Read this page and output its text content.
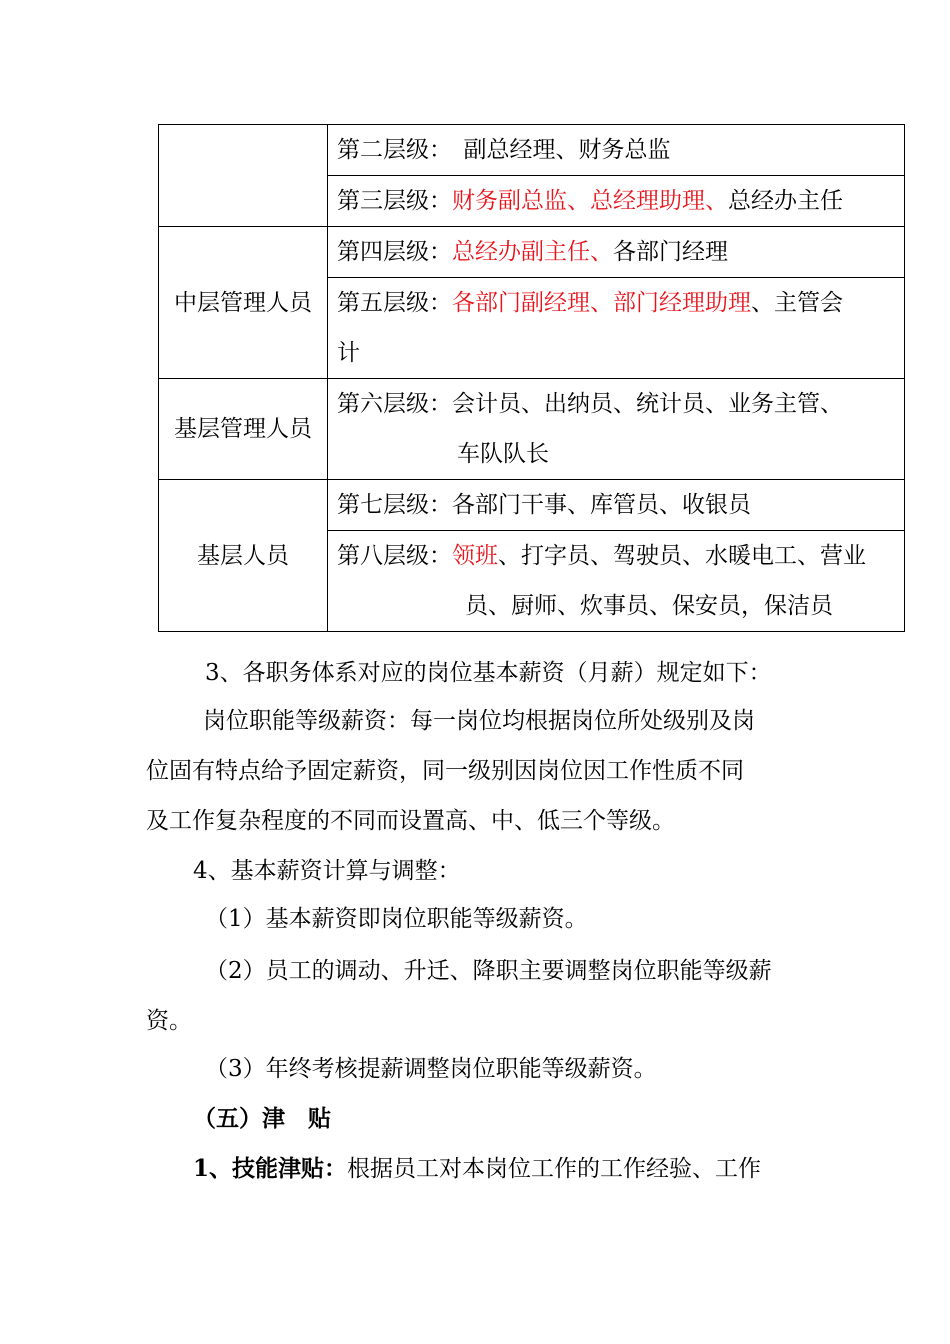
	第二层级：　副总经理、财务总监
	第三层级：财务副总监、总经理助理、总经办主任
中层管理人员	第四层级：总经办副主任、各部门经理
	第五层级：各部门副经理、部门经理助理、主管会
计

基层管理人员	第六层级：会计员、出纳员、统计员、业务主管、
车队队长

基层人员	第七层级：各部门干事、库管员、收银员
	第八层级：领班、打字员、驾驶员、水暖电工、营业
员、厨师、炊事员、保安员，保洁员
3、各职务体系对应的岗位基本薪资（月薪）规定如下：
岗位职能等级薪资：每一岗位均根据岗位所处级别及岗
位固有特点给予固定薪资，同一级别因岗位因工作性质不同
及工作复杂程度的不同而设置高、中、低三个等级。
4、基本薪资计算与调整：
（1）基本薪资即岗位职能等级薪资。
（2）员工的调动、升迁、降职主要调整岗位职能等级薪
资。
（3）年终考核提薪调整岗位职能等级薪资。
（五）津　贴
1、技能津贴：根据员工对本岗位工作的工作经验、工作
